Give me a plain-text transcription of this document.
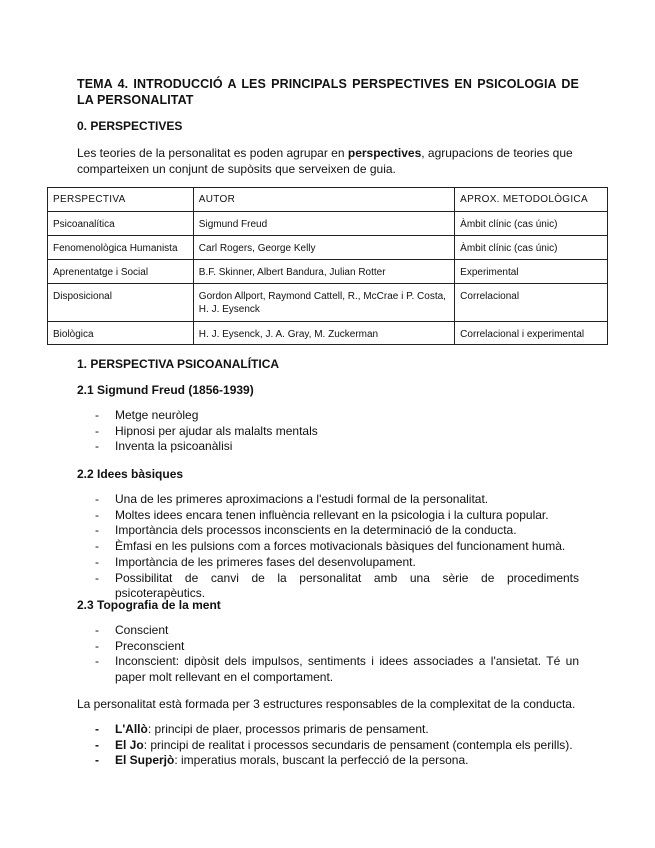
TEMA 4. INTRODUCCIÓ A LES PRINCIPALS PERSPECTIVES EN PSICOLOGIA DE LA PERSONALITAT
0. PERSPECTIVES

Les teories de la personalitat es poden agrupar en perspectives, agrupacions de teories que comparteixen un conjunt de supòsits que serveixen de guia.

PERSPECTIVA	AUTOR	APROX. METODOLÒGICA
Psicoanalítica	Sigmund Freud	Àmbit clínic (cas únic)
Fenomenològica Humanista	Carl Rogers, George Kelly	Àmbit clínic (cas únic)
Aprenentatge i Social	B.F. Skinner, Albert Bandura, Julian Rotter	Experimental
Disposicional	Gordon Allport, Raymond Cattell, R., McCrae i P. Costa, H. J. Eysenck	Correlacional
Biològica	H. J. Eysenck, J. A. Gray, M. Zuckerman	Correlacional i experimental
1. PERSPECTIVA PSICOANALÍTICA
2.1 Sigmund Freud (1856-1939)
- Metge neuròleg
- Hipnosi per ajudar als malalts mentals
- Inventa la psicoanàlisi
2.2 Idees bàsiques
- Una de les primeres aproximacions a l'estudi formal de la personalitat.
- Moltes idees encara tenen influència rellevant en la psicologia i la cultura popular.
- Importància dels processos inconscients en la determinació de la conducta.
- Èmfasi en les pulsions com a forces motivacionals bàsiques del funcionament humà.
- Importància de les primeres fases del desenvolupament.
- Possibilitat de canvi de la personalitat amb una sèrie de procediments psicoterapèutics.
2.3 Topografia de la ment
- Conscient
- Preconscient
- Inconscient: dipòsit dels impulsos, sentiments i idees associades a l'ansietat. Té un paper molt rellevant en el comportament.

La personalitat està formada per 3 estructures responsables de la complexitat de la conducta.

- L'Allò: principi de plaer, processos primaris de pensament.
- El Jo: principi de realitat i processos secundaris de pensament (contempla els perills).
- El Superjò: imperatius morals, buscant la perfecció de la persona.
